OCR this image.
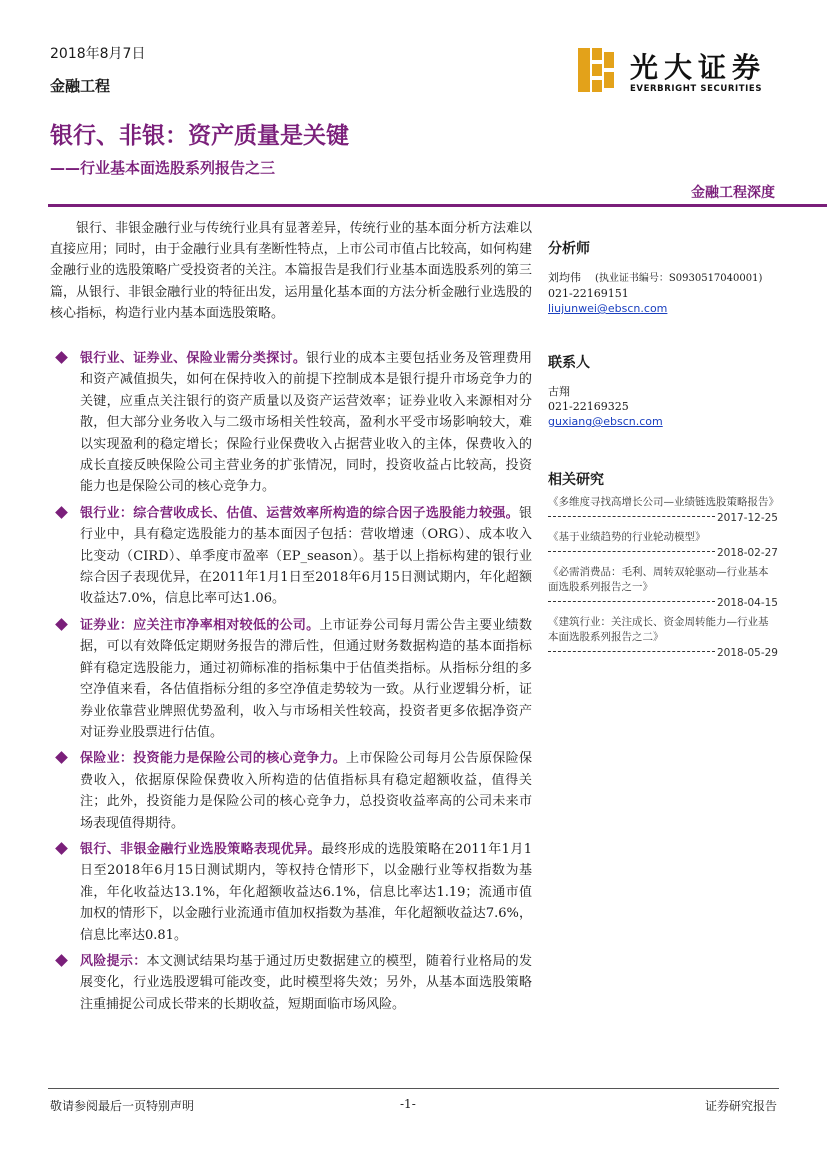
2018年8月7日
金融工程
银行、非银：资产质量是关键
——行业基本面选股系列报告之三
金融工程深度
光大证券
EVERBRIGHT SECURITIES

银行、非银金融行业与传统行业具有显著差异，传统行业的基本面分析方法难以直接应用；同时，由于金融行业具有垄断性特点，上市公司市值占比较高，如何构建金融行业的选股策略广受投资者的关注。本篇报告是我们行业基本面选股系列的第三篇，从银行、非银金融行业的特征出发，运用量化基本面的方法分析金融行业选股的核心指标，构造行业内基本面选股策略。

银行业、证券业、保险业需分类探讨。银行业的成本主要包括业务及管理费用和资产减值损失，如何在保持收入的前提下控制成本是银行提升市场竞争力的关键，应重点关注银行的资产质量以及资产运营效率；证券业收入来源相对分散，但大部分业务收入与二级市场相关性较高，盈利水平受市场影响较大，难以实现盈利的稳定增长；保险行业保费收入占据营业收入的主体，保费收入的成长直接反映保险公司主营业务的扩张情况，同时，投资收益占比较高，投资能力也是保险公司的核心竞争力。
银行业：综合营收成长、估值、运营效率所构造的综合因子选股能力较强。银行业中，具有稳定选股能力的基本面因子包括：营收增速（ORG）、成本收入比变动（CIRD）、单季度市盈率（EP_season）。基于以上指标构建的银行业综合因子表现优异，在2011年1月1日至2018年6月15日测试期内，年化超额收益达7.0%，信息比率可达1.06。
证券业：应关注市净率相对较低的公司。上市证券公司每月需公告主要业绩数据，可以有效降低定期财务报告的滞后性，但通过财务数据构造的基本面指标鲜有稳定选股能力，通过初筛标准的指标集中于估值类指标。从指标分组的多空净值来看，各估值指标分组的多空净值走势较为一致。从行业逻辑分析，证券业依靠营业牌照优势盈利，收入与市场相关性较高，投资者更多依据净资产对证券业股票进行估值。
保险业：投资能力是保险公司的核心竞争力。上市保险公司每月公告原保险保费收入，依据原保险保费收入所构造的估值指标具有稳定超额收益，值得关注；此外，投资能力是保险公司的核心竞争力，总投资收益率高的公司未来市场表现值得期待。
银行、非银金融行业选股策略表现优异。最终形成的选股策略在2011年1月1日至2018年6月15日测试期内，等权持仓情形下，以金融行业等权指数为基准，年化收益达13.1%，年化超额收益达6.1%，信息比率达1.19；流通市值加权的情形下，以金融行业流通市值加权指数为基准，年化超额收益达7.6%，信息比率达0.81。
风险提示：本文测试结果均基于通过历史数据建立的模型，随着行业格局的发展变化，行业选股逻辑可能改变，此时模型将失效；另外，从基本面选股策略注重捕捉公司成长带来的长期收益，短期面临市场风险。
分析师
刘均伟 (执业证书编号：S0930517040001)
021-22169151
liujunwei@ebscn.com
联系人
古翔
021-22169325
guxiang@ebscn.com
相关研究
《多维度寻找高增长公司—业绩链选股策略报告》
2017-12-25
《基于业绩趋势的行业轮动模型》
2018-02-27
《必需消费品：毛利、周转双轮驱动—行业基本面选股系列报告之一》
2018-04-15
《建筑行业：关注成长、资金周转能力—行业基本面选股系列报告之二》
2018-05-29
敬请参阅最后一页特别声明	-1-	证券研究报告
